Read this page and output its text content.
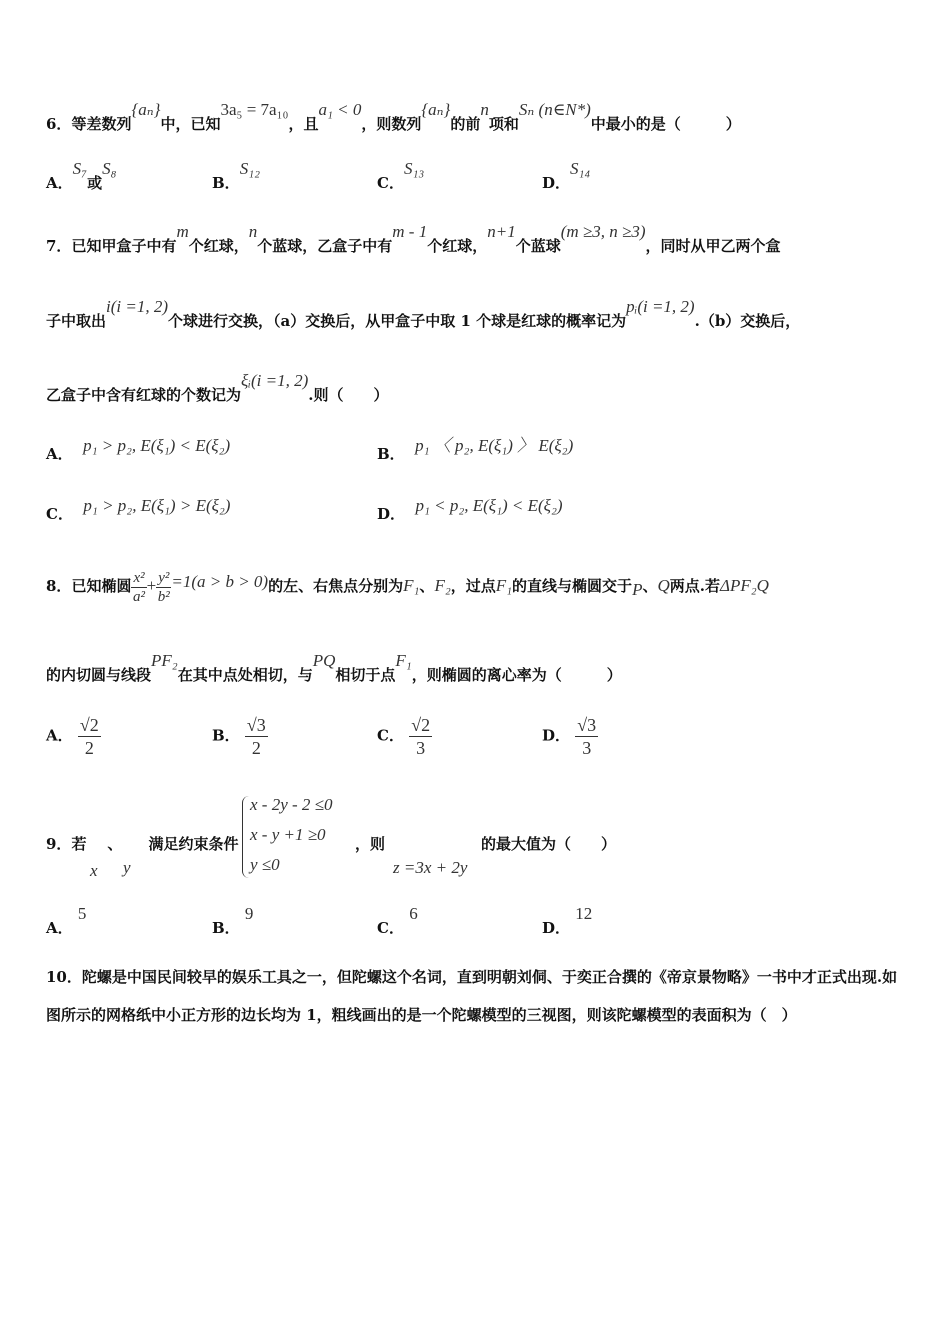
6．等差数列{aₙ}中，已知3a₅ = 7a₁₀，且a₁ < 0，则数列{aₙ}的前n项和Sₙ (n∈N*)中最小的是（　　　）
A．S₇或S₈
B．S₁₂
C．S₁₃
D．S₁₄
7．已知甲盒子中有m个红球，n个蓝球，乙盒子中有m - 1个红球，n+1个蓝球(m ≥3, n ≥3)，同时从甲乙两个盒
子中取出i(i =1, 2)个球进行交换，（a）交换后，从甲盒子中取 1 个球是红球的概率记为pᵢ(i =1, 2).（b）交换后，
乙盒子中含有红球的个数记为ξᵢ(i =1, 2).则（　　）
A． p₁ > p₂, E(ξ₁) < E(ξ₂)	B． p₁ 〈 p₂, E(ξ₁) 〉 E(ξ₂)
C． p₁ > p₂, E(ξ₁) > E(ξ₂)	D． p₁ < p₂, E(ξ₁) < E(ξ₂)
8．已知椭圆 $\frac{\text{x²}}{\text{a²}} + \frac{\text{y²}}{\text{b²}} =1(a > b > 0)$的左、右焦点分别为F₁、F₂，过点F₁的直线与椭圆交于P、Q两点.若ΔPF₂Q
的内切圆与线段PF₂在其中点处相切，与PQ相切于点F₁，则椭圆的离心率为（　　　）
A． $\frac{√2}{2}$	B． $\frac{√3}{2}$	C． $\frac{√2}{3}$	D． $\frac{√3}{3}$
9．若 、 满足约束条件
x y
x - 2y - 2 ≤0
x - y +1 ≥0
y ≤0
，则
z =3x + 2y
的最大值为（　　）
A． 5
B． 9
C． 6
D． 12
10．陀螺是中国民间较早的娱乐工具之一，但陀螺这个名词，直到明朝刘侗、于奕正合撰的《帝京景物略》一书中才正式出现.如图所示的网格纸中小正方形的边长均为 1，粗线画出的是一个陀螺模型的三视图，则该陀螺模型的表面积为（　）
